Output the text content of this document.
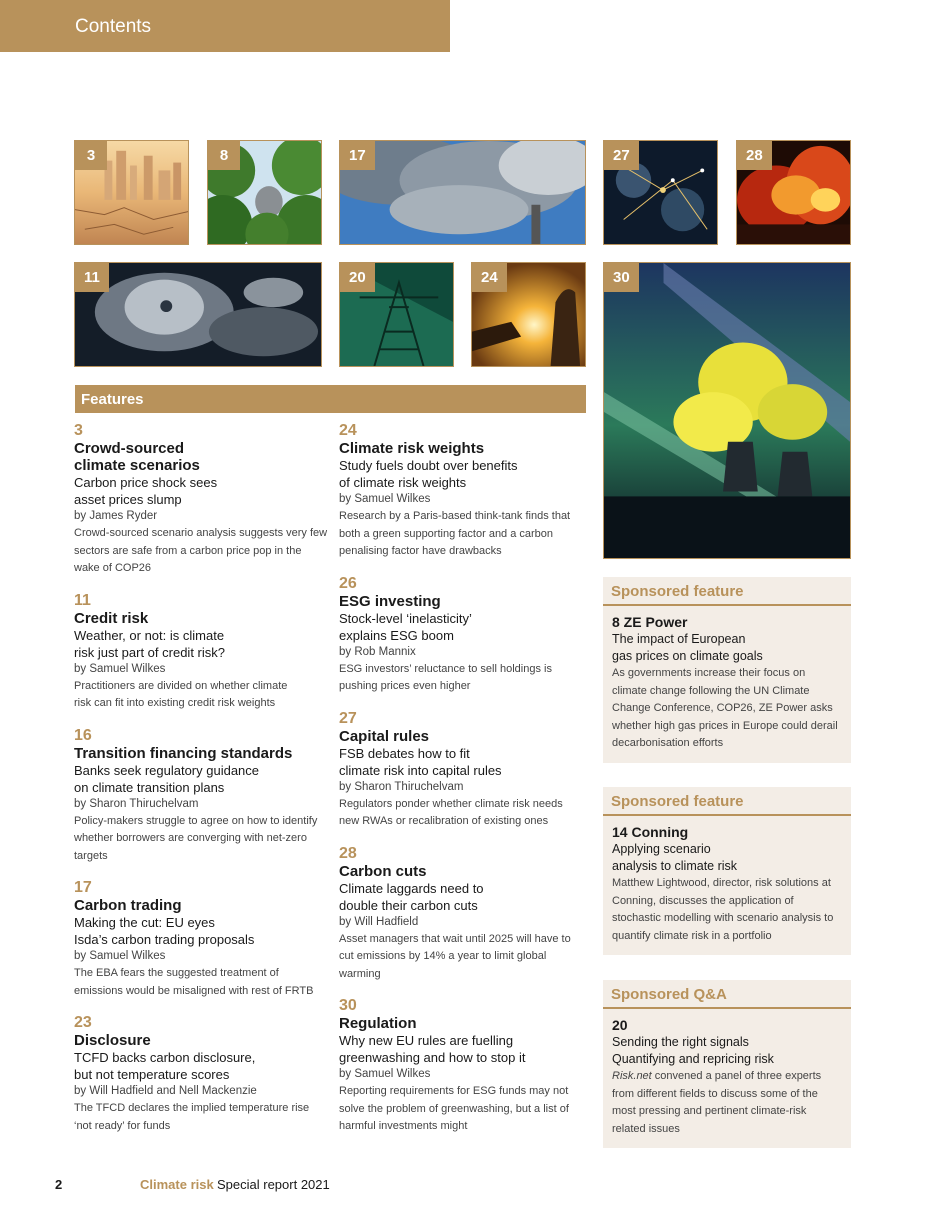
Contents
3	8	17	27	28
11	20	24	30
Features
3
Crowd-sourced
climate scenarios
Carbon price shock sees
asset prices slump
by James Ryder
Crowd-sourced scenario analysis suggests very few sectors are safe from a carbon price pop in the wake of COP26
11
Credit risk
Weather, or not: is climate
risk just part of credit risk?
by Samuel Wilkes
Practitioners are divided on whether climate risk can fit into existing credit risk weights
16
Transition financing standards
Banks seek regulatory guidance
on climate transition plans
by Sharon Thiruchelvam
Policy-makers struggle to agree on how to identify whether borrowers are converging with net-zero targets
17
Carbon trading
Making the cut: EU eyes
Isda’s carbon trading proposals
by Samuel Wilkes
The EBA fears the suggested treatment of emissions would be misaligned with rest of FRTB
23
Disclosure
TCFD backs carbon disclosure,
but not temperature scores
by Will Hadfield and Nell Mackenzie
The TFCD declares the implied temperature rise ‘not ready’ for funds
24
Climate risk weights
Study fuels doubt over benefits
of climate risk weights
by Samuel Wilkes
Research by a Paris-based think-tank finds that both a green supporting factor and a carbon penalising factor have drawbacks
26
ESG investing
Stock-level ‘inelasticity’
explains ESG boom
by Rob Mannix
ESG investors’ reluctance to sell holdings is pushing prices even higher
27
Capital rules
FSB debates how to fit
climate risk into capital rules
by Sharon Thiruchelvam
Regulators ponder whether climate risk needs new RWAs or recalibration of existing ones
28
Carbon cuts
Climate laggards need to
double their carbon cuts
by Will Hadfield
Asset managers that wait until 2025 will have to cut emissions by 14% a year to limit global warming
30
Regulation
Why new EU rules are fuelling
greenwashing and how to stop it
by Samuel Wilkes
Reporting requirements for ESG funds may not solve the problem of greenwashing, but a list of harmful investments might
Sponsored feature
8 ZE Power
The impact of European
gas prices on climate goals
As governments increase their focus on climate change following the UN Climate Change Conference, COP26, ZE Power asks whether high gas prices in Europe could derail decarbonisation efforts
Sponsored feature
14 Conning
Applying scenario
analysis to climate risk
Matthew Lightwood, director, risk solutions at Conning, discusses the application of stochastic modelling with scenario analysis to quantify climate risk in a portfolio
Sponsored Q&A
20
Sending the right signals
Quantifying and repricing risk
Risk.net convened a panel of three experts from different fields to discuss some of the most pressing and pertinent climate-risk related issues
2	Climate risk Special report 2021
